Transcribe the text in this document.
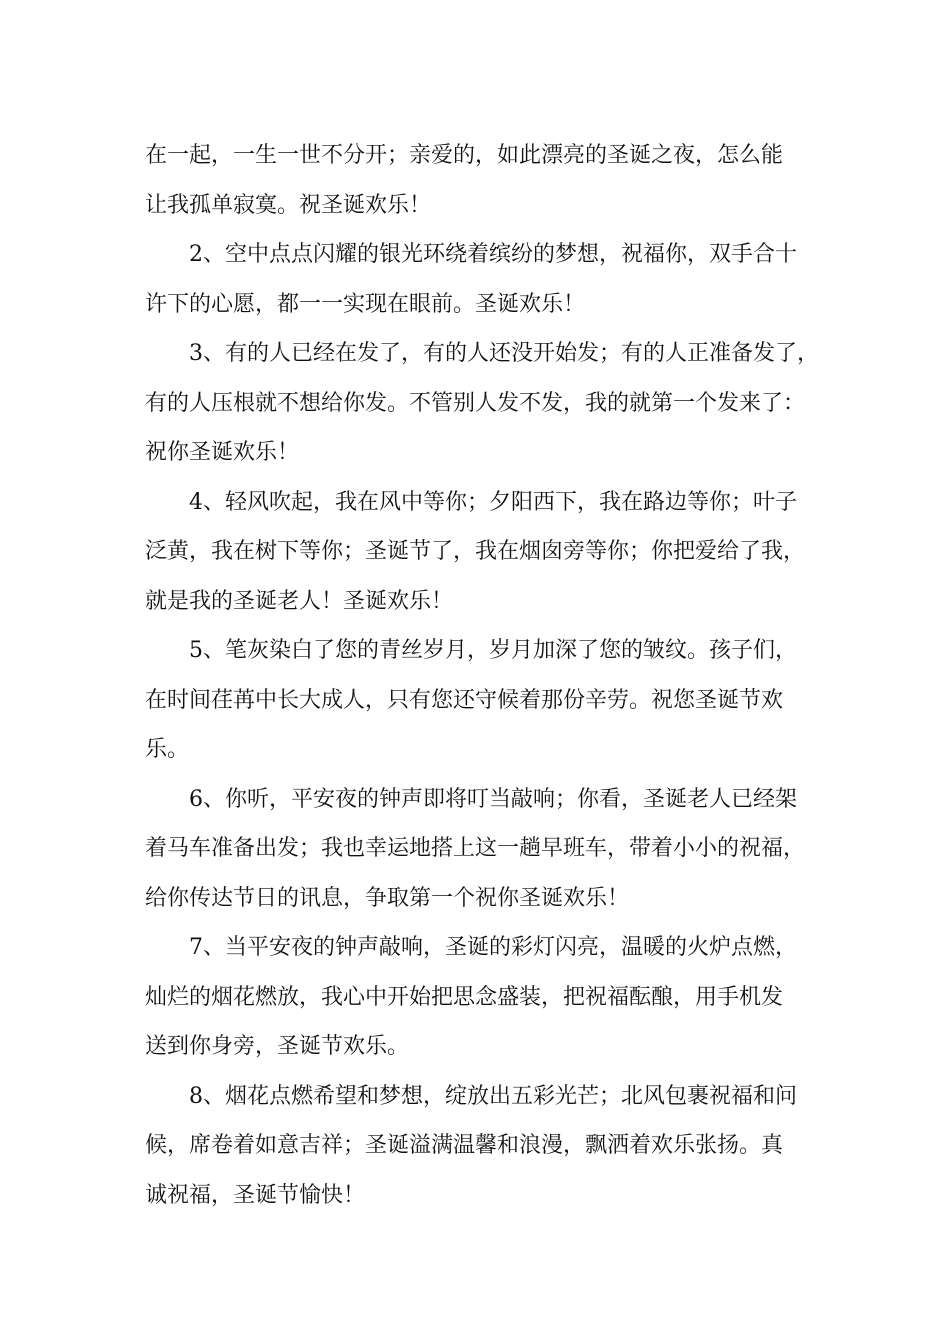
在一起，一生一世不分开；亲爱的，如此漂亮的圣诞之夜，怎么能
让我孤单寂寞。祝圣诞欢乐！

2、空中点点闪耀的银光环绕着缤纷的梦想，祝福你，双手合十
许下的心愿，都一一实现在眼前。圣诞欢乐！

3、有的人已经在发了，有的人还没开始发；有的人正准备发了，
有的人压根就不想给你发。不管别人发不发，我的就第一个发来了：
祝你圣诞欢乐！

4、轻风吹起，我在风中等你；夕阳西下，我在路边等你；叶子
泛黄，我在树下等你；圣诞节了，我在烟囱旁等你；你把爱给了我，
就是我的圣诞老人！圣诞欢乐！

5、笔灰染白了您的青丝岁月，岁月加深了您的皱纹。孩子们，
在时间荏苒中长大成人，只有您还守候着那份辛劳。祝您圣诞节欢
乐。

6、你听，平安夜的钟声即将叮当敲响；你看，圣诞老人已经架
着马车准备出发；我也幸运地搭上这一趟早班车，带着小小的祝福，
给你传达节日的讯息，争取第一个祝你圣诞欢乐！

7、当平安夜的钟声敲响，圣诞的彩灯闪亮，温暖的火炉点燃，
灿烂的烟花燃放，我心中开始把思念盛装，把祝福酝酿，用手机发
送到你身旁，圣诞节欢乐。

8、烟花点燃希望和梦想，绽放出五彩光芒；北风包裹祝福和问
候，席卷着如意吉祥；圣诞溢满温馨和浪漫，飘洒着欢乐张扬。真
诚祝福，圣诞节愉快！
